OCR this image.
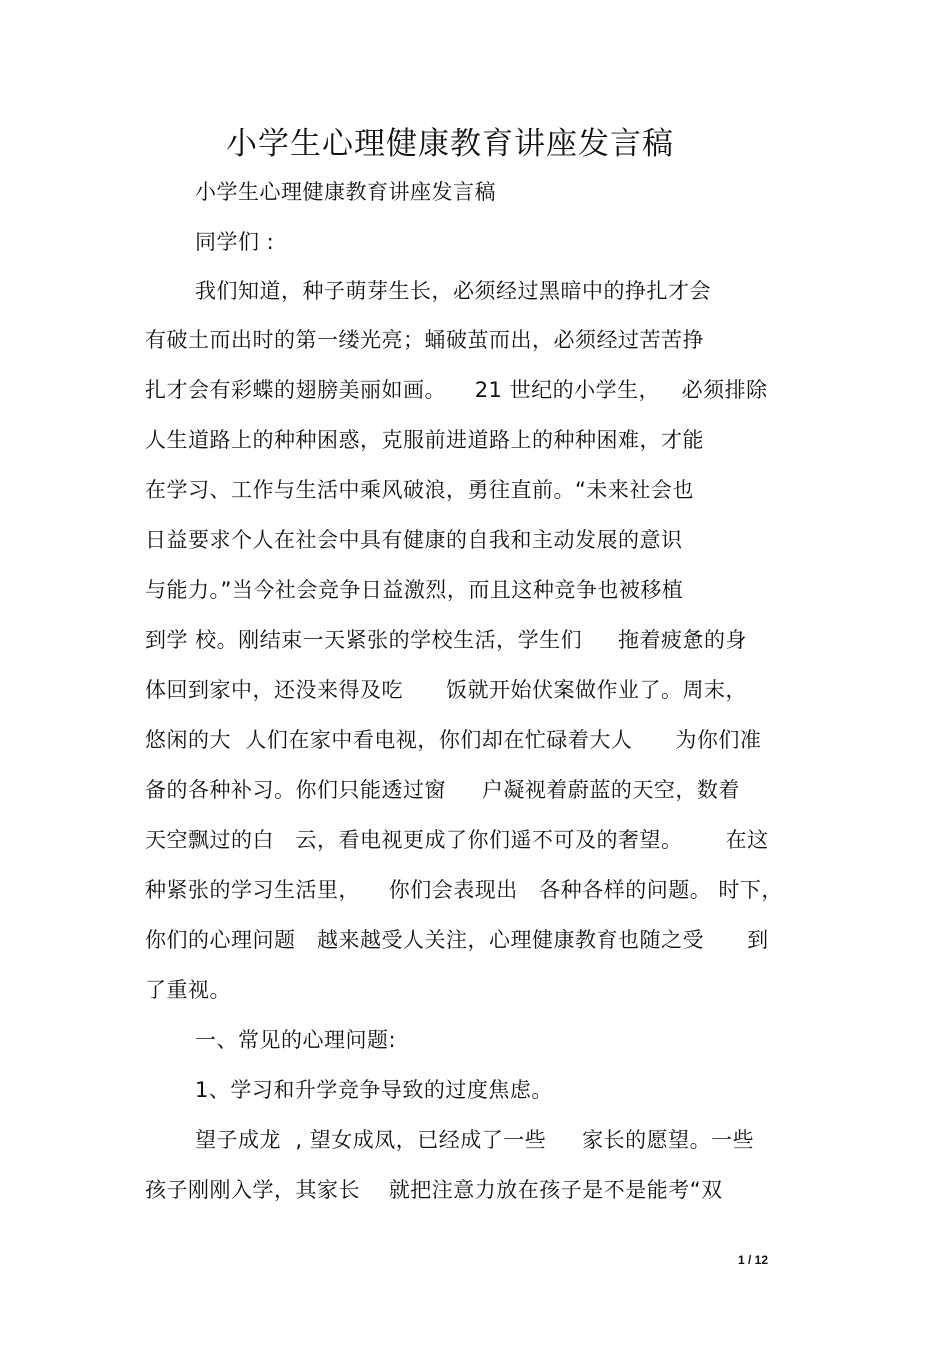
小学生心理健康教育讲座发言稿
小学生心理健康教育讲座发言稿
同学们 :
我们知道，种子萌芽生长，必须经过黑暗中的挣扎才会
有破土而出时的第一缕光亮；蛹破茧而出，必须经过苦苦挣
扎才会有彩蝶的翅膀美丽如画。    21 世纪的小学生，   必须排除
人生道路上的种种困惑，克服前进道路上的种种困难，才能
在学习、工作与生活中乘风破浪，勇往直前。“未来社会也
日益要求个人在社会中具有健康的自我和主动发展的意识
与能力。”当今社会竞争日益激烈，而且这种竞争也被移植
到学 校。刚结束一天紧张的学校生活，学生们     拖着疲惫的身
体回到家中，还没来得及吃      饭就开始伏案做作业了。周末，
悠闲的大  人们在家中看电视，你们却在忙碌着大人      为你们准
备的各种补习。你们只能透过窗     户凝视着蔚蓝的天空，数着
天空飘过的白   云，看电视更成了你们遥不可及的奢望。      在这
种紧张的学习生活里，    你们会表现出   各种各样的问题。 时下，
你们的心理问题   越来越受人关注，心理健康教育也随之受      到
了重视。
一、常见的心理问题:
1、学习和升学竞争导致的过度焦虑。
望子成龙  , 望女成凤，已经成了一些     家长的愿望。一些
孩子刚刚入学，其家长    就把注意力放在孩子是不是能考“双
1 / 12
